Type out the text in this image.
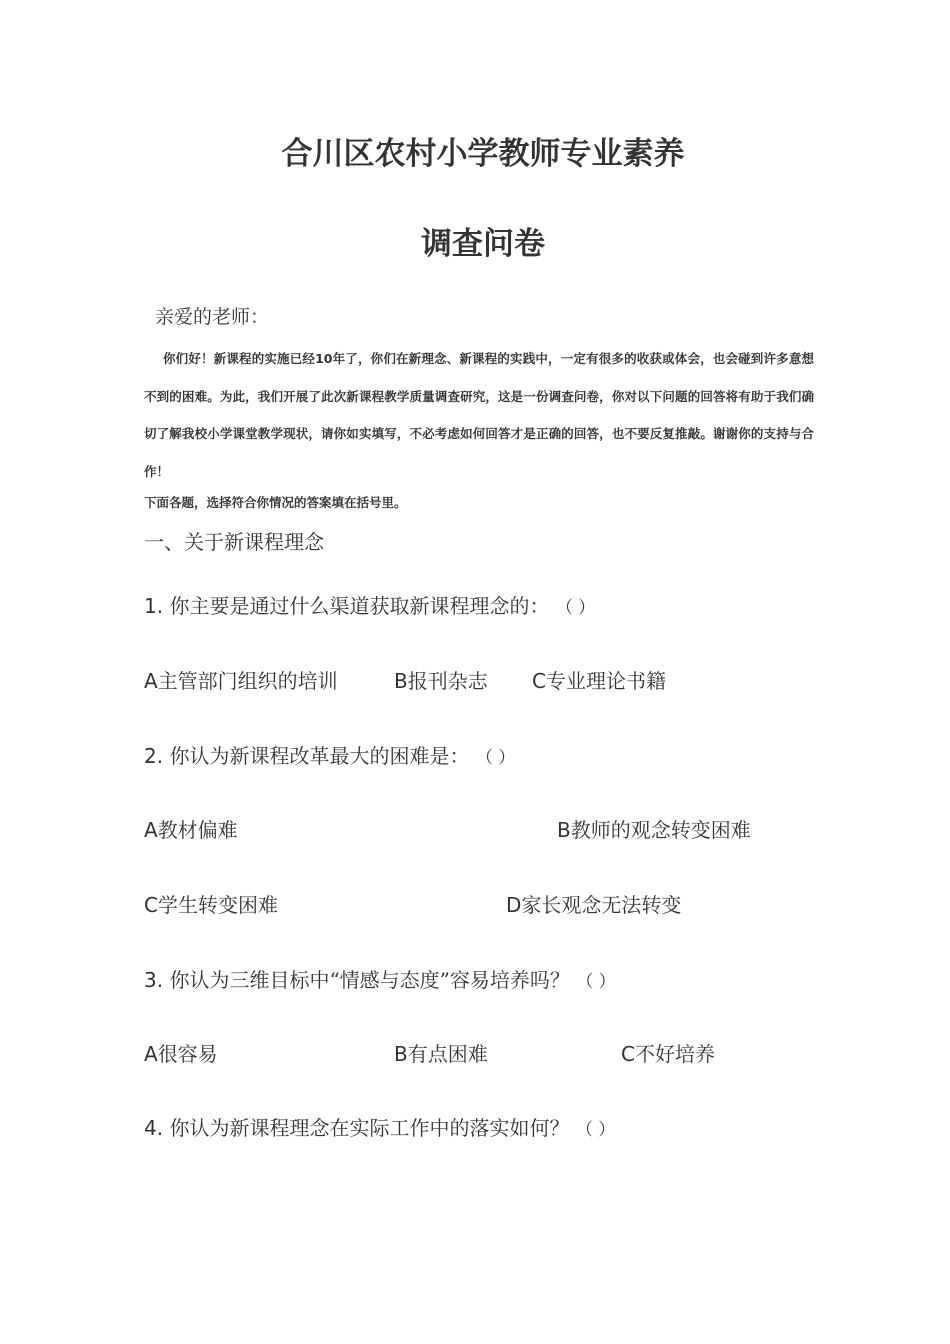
合川区农村小学教师专业素养
调查问卷

亲爱的老师：

你们好！新课程的实施已经10年了，你们在新理念、新课程的实践中，一定有很多的收获或体会，也会碰到许多意想不到的困难。为此，我们开展了此次新课程教学质量调查研究，这是一份调查问卷，你对以下问题的回答将有助于我们确切了解我校小学课堂教学现状，请你如实填写，不必考虑如何回答才是正确的回答，也不要反复推敲。谢谢你的支持与合作！

下面各题，选择符合你情况的答案填在括号里。

一、关于新课程理念

1. 你主要是通过什么渠道获取新课程理念的： （ ）

A主管部门组织的培训	B报刊杂志 C专业理论书籍

2. 你认为新课程改革最大的困难是： （ ）

A教材偏难	B教师的观念转变困难

C学生转变困难	D家长观念无法转变

3. 你认为三维目标中“情感与态度”容易培养吗？ （ ）

A很容易	B有点困难	C不好培养

4. 你认为新课程理念在实际工作中的落实如何？ （ ）
